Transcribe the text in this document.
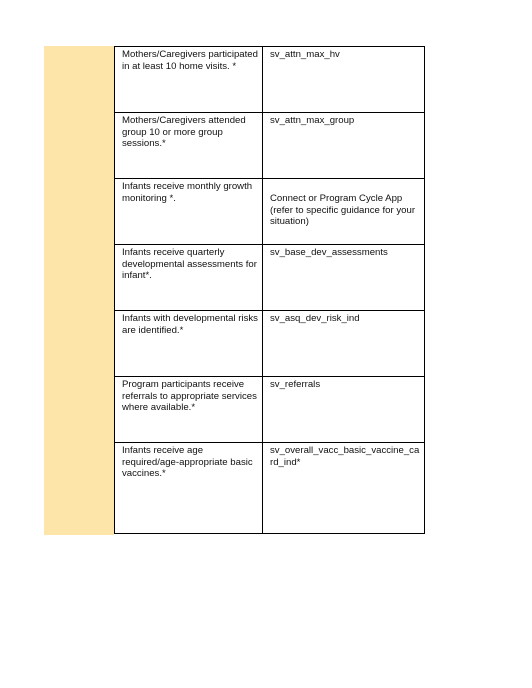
Mothers/Caregivers participated in at least 10 home visits. *	sv_attn_max_hv
Mothers/Caregivers attended group 10 or more group sessions.*	sv_attn_max_group
Infants receive monthly growth monitoring *.	Connect or Program Cycle App (refer to specific guidance for your situation)
Infants receive quarterly developmental assessments for infant*.	sv_base_dev_assessments
Infants with developmental risks are identified.*	sv_asq_dev_risk_ind
Program participants receive referrals to appropriate services where available.*	sv_referrals
Infants receive age required/age-appropriate basic vaccines.*	sv_overall_vacc_basic_vaccine_card_ind*
